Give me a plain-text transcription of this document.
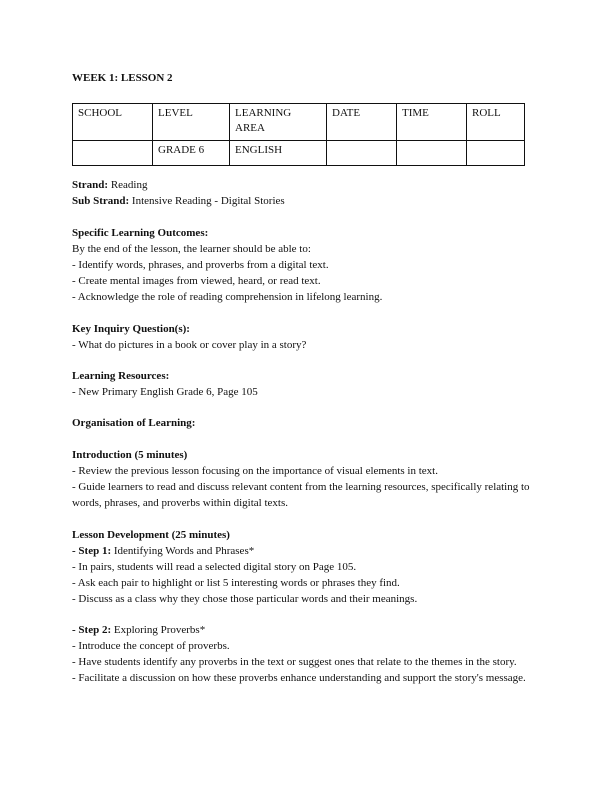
WEEK 1: LESSON 2
SCHOOL	LEVEL	LEARNING AREA	DATE	TIME	ROLL
	GRADE 6	ENGLISH			
Strand: Reading
Sub Strand: Intensive Reading - Digital Stories
Specific Learning Outcomes:
By the end of the lesson, the learner should be able to:
- Identify words, phrases, and proverbs from a digital text.
- Create mental images from viewed, heard, or read text.
- Acknowledge the role of reading comprehension in lifelong learning.
Key Inquiry Question(s):
- What do pictures in a book or cover play in a story?
Learning Resources:
- New Primary English Grade 6, Page 105
Organisation of Learning:
Introduction (5 minutes)
- Review the previous lesson focusing on the importance of visual elements in text.
- Guide learners to read and discuss relevant content from the learning resources, specifically relating to words, phrases, and proverbs within digital texts.
Lesson Development (25 minutes)
- Step 1: Identifying Words and Phrases*
- In pairs, students will read a selected digital story on Page 105.
- Ask each pair to highlight or list 5 interesting words or phrases they find.
- Discuss as a class why they chose those particular words and their meanings.
- Step 2: Exploring Proverbs*
- Introduce the concept of proverbs.
- Have students identify any proverbs in the text or suggest ones that relate to the themes in the story.
- Facilitate a discussion on how these proverbs enhance understanding and support the story's message.
